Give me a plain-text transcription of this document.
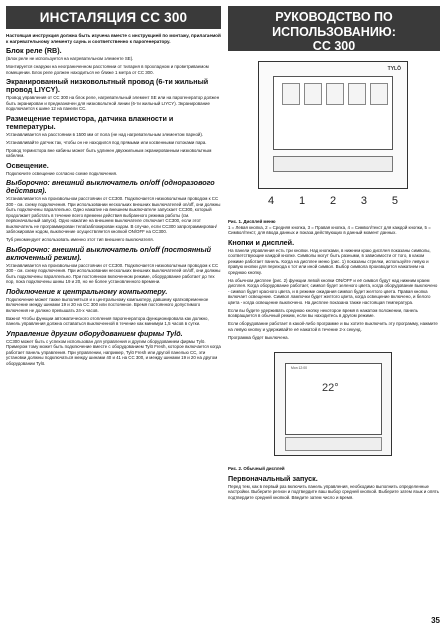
ИНСТАЛЯЦИЯ СС 300
Настоящая инструкция должна быть изучена вместе с инструкцией по монтажу, прилагаемой к нагревательному элементу саунь и соответственно к парогенератору.
Блок реле (RB).

(Блок реле не используется на нагревательном элементе SE).

Монтируется снаружи на неограниченном расстоянии от тиларня в прохладном и проветриваемом помещении. Блок реле должен находиться не ближе 1 метра от CC 300.

Экранированный низковольтный провод (6-ти жильный провод LIYCY).

Провод управления от CC 300 на блок реле, нагревательный элемент SE или на парогенератор должен быть экранирован и предназначен для низковольтной линии (6-ти жильный LIYCY). Экранирование подключается к шине 12 на панели CC.

Размещение термистора, датчика влажности и температуры.

Устанавливается на расстоянии в 1500 мм от пола (не над нагревательным элементом парной).

Устанавливайте датчик так, чтобы он не находился под прямыми или косвенными потоками пара.

Провод термистора вне кабины может быть удлинен двухжильным экранированным низковольтным кабелем.

Освещение.

Подключите освещение согласно схеме подключения.

Выборочно: внешний выключатель on/off (одноразового действия).

Устанавливается на произвольном расстоянии от CC300. Подключается низковольтным проводом к CC 300 - см. схему подключения. При использовании нескольких внешних выключателей on/off, они должны быть подключены параллельно. Одно нажатие на внешнем выключателе запускает CC300, который продолжает работать в течение всего времени действия выбранного режима работы (см. первоначальный запуск). Одно нажатие на внешнем выключателе отключает CC300, если этот выключатель не программирован тела/заблокирован кодом. В случае, если CC300 запрограммирован/заблокирован кодом, выключение осуществляется кнопкой ON/OFF на CC300.

Туб рекомендует использовать именно этот тип внешнего выключателя.

Выборочно: внешний выключатель on/off (постоянный включенный режим).

Устанавливается на произвольном расстоянии от CC300. Подключается низковольтным проводом к CC 300 - см. схему подключения. При использовании нескольких внешних выключателей on/off, они должны быть подключены параллельно. При постоянном включенном режиме, оборудование работает до тех пор, пока подключены шины 19 и 20, но не более установленного времени.

Подключение к центральному компьютеру.

Подключение может также выполняться и к центральному компьютеру, давшему кратковременное включение между шинами 19 и 20 на CC 300 или постоянное. Время постоянного допустимого включения не должно превышать 24-х часов.

Важно! Чтобы функции автоматического отопления парогенератора функционировала как должно, панель управления должна оставаться выключенной в течение как минимум 1,5 часов в сутки.

Управление другим оборудованием фирмы Tylö.

CC300 может быть с успехом использован для управления и другим оборудованием фирмы Tylö. Примером тому может быть подключение вместе с оборудованием Tylö Fresh, которое включается когда работает панель управления. При управлении, например, Tylö Fresh или другой панелью CC, эти установки должны подключаться между шинами 40 и 41 на CC 300, и между шинами 19 и 20 на другом оборудовании Tylö.

РУКОВОДСТВО ПО
ИСПОЛЬЗОВАНИЮ:
CC 300
TYLÖ
4 1 2 3 5
Рис. 1. Дисплей меню
1 = Левая кнопка, 2 = Средняя кнопка, 3 = Правая кнопка, 4 = Символ/текст для каждой кнопки, 5 = Символ/текст, для ввода данных и показа действующих в данный момент данных.
Кнопки и дисплей.

На панели управления есть три кнопки. Над кнопками, в нижнем краю дисплея показаны символы, соответствующие каждой кнопке. Символы могут быть разными, в зависимости от того, в каком режиме работает панель. Когда на дисплее меню (рис. 1) показаны стрелки, используйте левую и правую кнопки для перехода к тот или иной символ. Выбор символа производится нажатием на среднюю кнопку.

На обычном дисплее (рис. 2) функции левой кнопки ON/OFF и её символ будут над нижним краем дисплея. Когда оборудование работает, символ будет зеленого цвета, когда оборудование выключено - символ будет красного цвета, и в режиме ожидания символ будет желтого цвета. Правая кнопка включает освещение. Символ лампочки будет желтого цвета, когда освещение включено, и белого цвета - когда освещение выключено. На дисплее показана также настоящая температура.

Если вы будете удерживать среднюю кнопку некоторое время в нажатом положении, панель возвращается в обычный режим, если вы находитесь в другом режиме.

Если оборудование работает в какой-либо программе и вы хотите выключить эту программу, нажмите на левую кнопку и удерживайте её нажатой в течение 2-х секунд.

Программа будет выключена.

Mon 12:00
22°
Рис. 2. Обычный дисплей
Первоначальный запуск.

Перед тем, как в первый раз включить панель управления, необходимо выполнить определенные настройки. Выберите регион и подтвердите ваш выбор средней кнопкой. Выберите затем язык и опять подтвердите средней кнопкой. Введите затем число и время.

35
